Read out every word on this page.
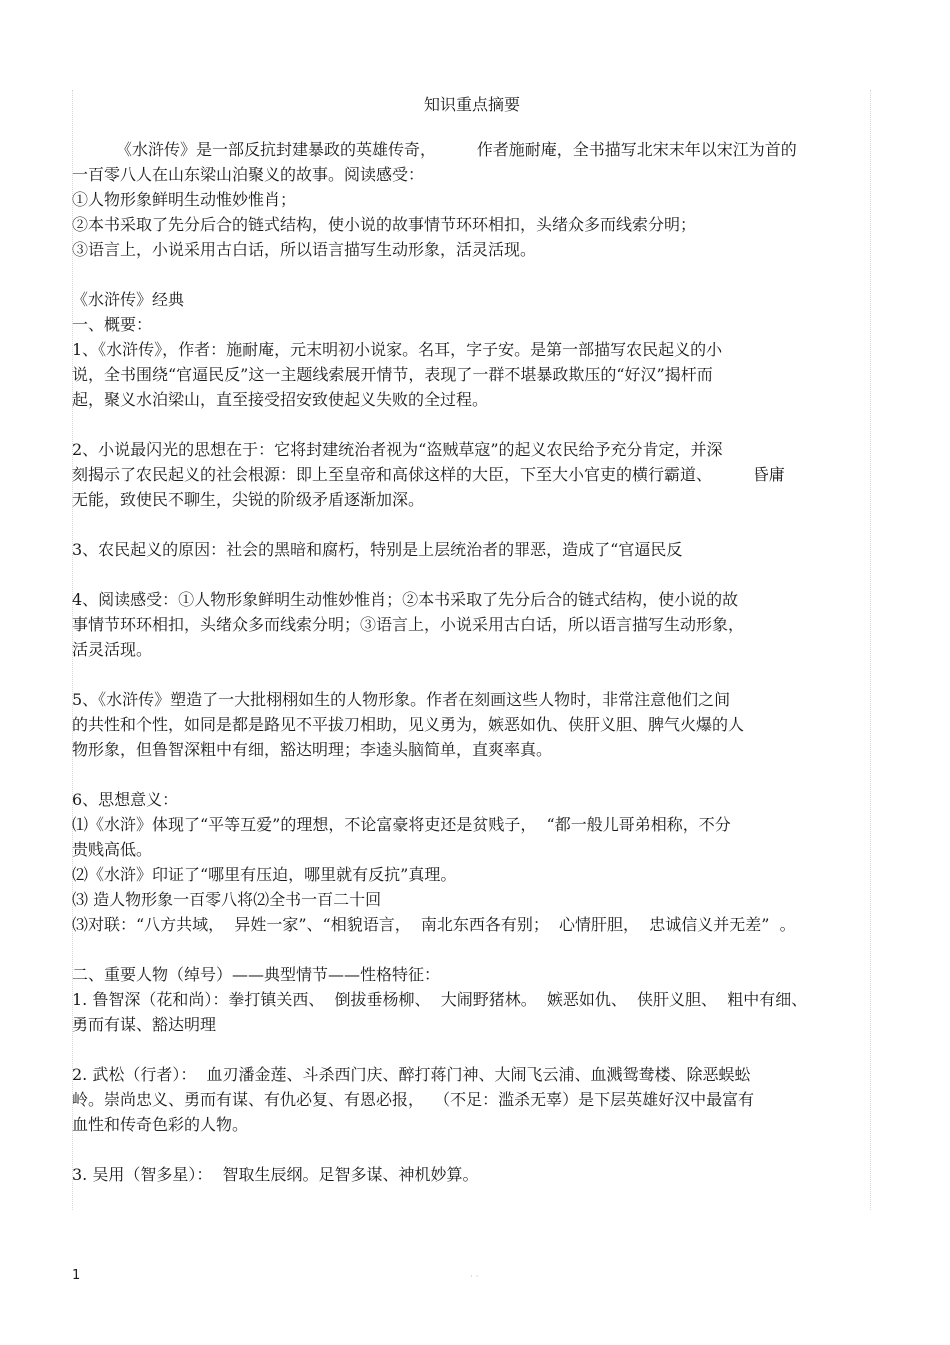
知识重点摘要
《水浒传》是一部反抗封建暴政的英雄传奇，        作者施耐庵，全书描写北宋末年以宋江为首的
一百零八人在山东梁山泊聚义的故事。阅读感受：
①人物形象鲜明生动惟妙惟肖；
②本书采取了先分后合的链式结构，使小说的故事情节环环相扣，头绪众多而线索分明；
③语言上，小说采用古白话，所以语言描写生动形象，活灵活现。
《水浒传》经典
一、概要：
1、《水浒传》，作者：施耐庵，元末明初小说家。名耳，字子安。是第一部描写农民起义的小
说，全书围绕“官逼民反”这一主题线索展开情节，表现了一群不堪暴政欺压的“好汉”揭杆而
起，聚义水泊梁山，直至接受招安致使起义失败的全过程。
2、小说最闪光的思想在于：它将封建统治者视为“盗贼草寇”的起义农民给予充分肯定，并深
刻揭示了农民起义的社会根源：即上至皇帝和高俅这样的大臣，下至大小官吏的横行霸道、        昏庸
无能，致使民不聊生，尖锐的阶级矛盾逐渐加深。
3、农民起义的原因：社会的黑暗和腐朽，特别是上层统治者的罪恶，造成了“官逼民反
4、阅读感受：①人物形象鲜明生动惟妙惟肖；②本书采取了先分后合的链式结构，使小说的故
事情节环环相扣，头绪众多而线索分明；③语言上，小说采用古白话，所以语言描写生动形象，
活灵活现。
5、《水浒传》塑造了一大批栩栩如生的人物形象。作者在刻画这些人物时，非常注意他们之间
的共性和个性，如同是都是路见不平拔刀相助，见义勇为，嫉恶如仇、侠肝义胆、脾气火爆的人
物形象，但鲁智深粗中有细，豁达明理；李逵头脑简单，直爽率真。
6、思想意义：
⑴《水浒》体现了“平等互爱”的理想，不论富豪将吏还是贫贱子，  “都一般儿哥弟相称，不分
贵贱高低。
⑵《水浒》印证了“哪里有压迫，哪里就有反抗”真理。
⑶ 造人物形象一百零八将⑵全书一百二十回
⑶对联：“八方共域，  异姓一家”、“相貌语言，  南北东西各有别；  心情肝胆，  忠诚信义并无差”  。
二、重要人物（绰号）——典型情节——性格特征：
1. 鲁智深（花和尚）：拳打镇关西、  倒拔垂杨柳、  大闹野猪林。  嫉恶如仇、  侠肝义胆、  粗中有细、
勇而有谋、豁达明理
2. 武松（行者）：  血刃潘金莲、斗杀西门庆、醉打蒋门神、大闹飞云浦、血溅鸳鸯楼、除恶蜈蚣
岭。崇尚忠义、勇而有谋、有仇必复、有恩必报，  （不足：滥杀无辜）是下层英雄好汉中最富有
血性和传奇色彩的人物。
3. 吴用（智多星）：  智取生辰纲。足智多谋、神机妙算。
1	· ·
